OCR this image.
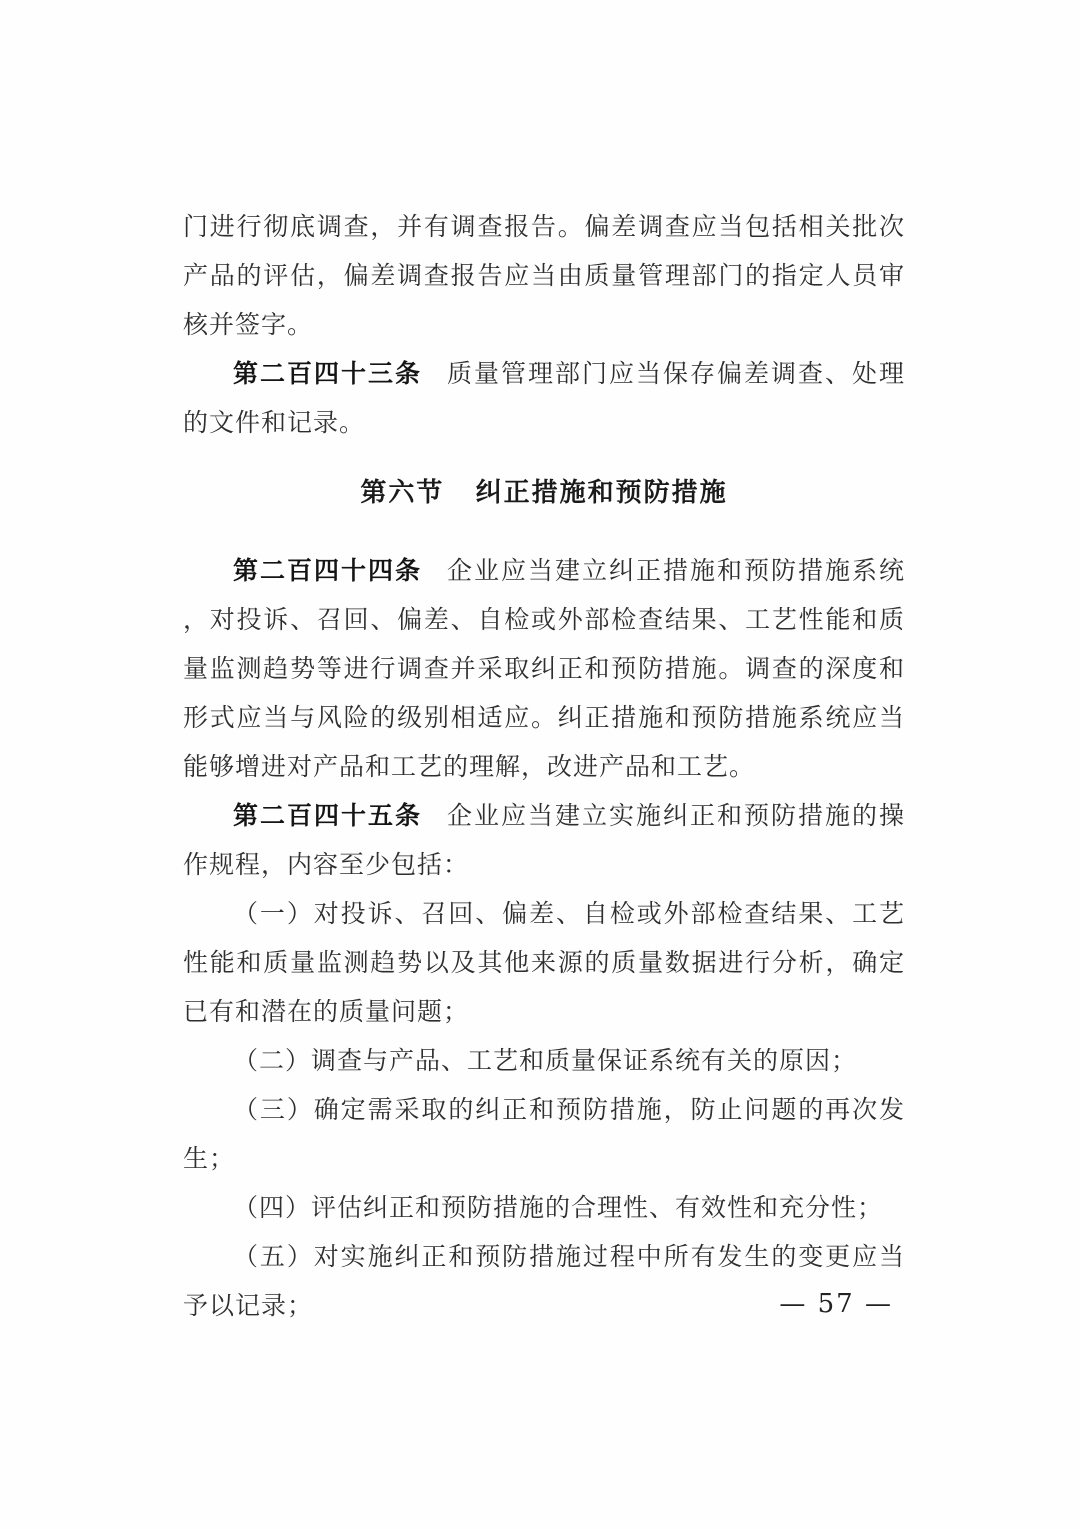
门进行彻底调查，并有调查报告。偏差调查应当包括相关批次产品的评估，偏差调查报告应当由质量管理部门的指定人员审核并签字。

第二百四十三条 质量管理部门应当保存偏差调查、处理的文件和记录。

第六节 纠正措施和预防措施

第二百四十四条 企业应当建立纠正措施和预防措施系统，对投诉、召回、偏差、自检或外部检查结果、工艺性能和质量监测趋势等进行调查并采取纠正和预防措施。调查的深度和形式应当与风险的级别相适应。纠正措施和预防措施系统应当能够增进对产品和工艺的理解，改进产品和工艺。

第二百四十五条 企业应当建立实施纠正和预防措施的操作规程，内容至少包括：

（一）对投诉、召回、偏差、自检或外部检查结果、工艺性能和质量监测趋势以及其他来源的质量数据进行分析，确定已有和潜在的质量问题；

（二）调查与产品、工艺和质量保证系统有关的原因；

（三）确定需采取的纠正和预防措施，防止问题的再次发生；

（四）评估纠正和预防措施的合理性、有效性和充分性；

（五）对实施纠正和预防措施过程中所有发生的变更应当予以记录；	— 57 —
